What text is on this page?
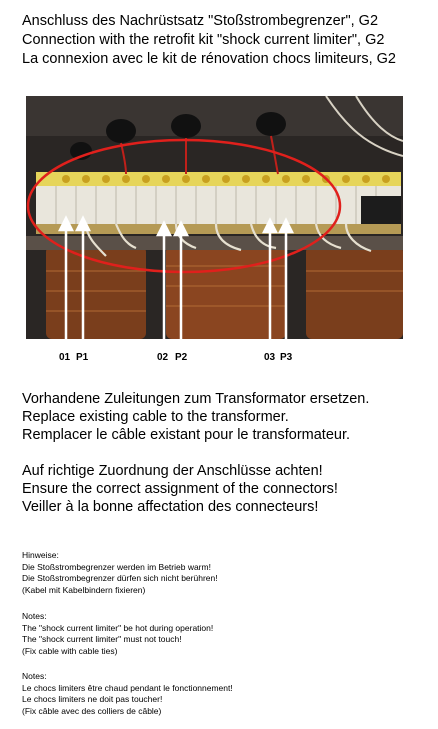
Anschluss des Nachrüstsatz "Stoßstrombegrenzer", G2
Connection with the retrofit kit "shock current limiter", G2
La connexion avec le kit de rénovation chocs limiteurs, G2
01 P1	02 P2	03 P3
Vorhandene Zuleitungen zum Transformator ersetzen.
Replace existing cable to the transformer.
Remplacer le câble existant pour le transformateur.
Auf richtige Zuordnung der Anschlüsse achten!
Ensure the correct assignment of the connectors!
Veiller à la bonne affectation des connecteurs!
Hinweise:
Die Stoßstrombegrenzer werden im Betrieb warm!
Die Stoßstrombegrenzer dürfen sich nicht berühren!
(Kabel mit Kabelbindern fixieren)
Notes:
The "shock current limiter" be hot during operation!
The "shock current limiter" must not touch!
(Fix cable with cable ties)
Notes:
Le chocs limiters être chaud pendant le fonctionnement!
Le chocs limiters ne doit pas toucher!
(Fix câble avec des colliers de câble)
